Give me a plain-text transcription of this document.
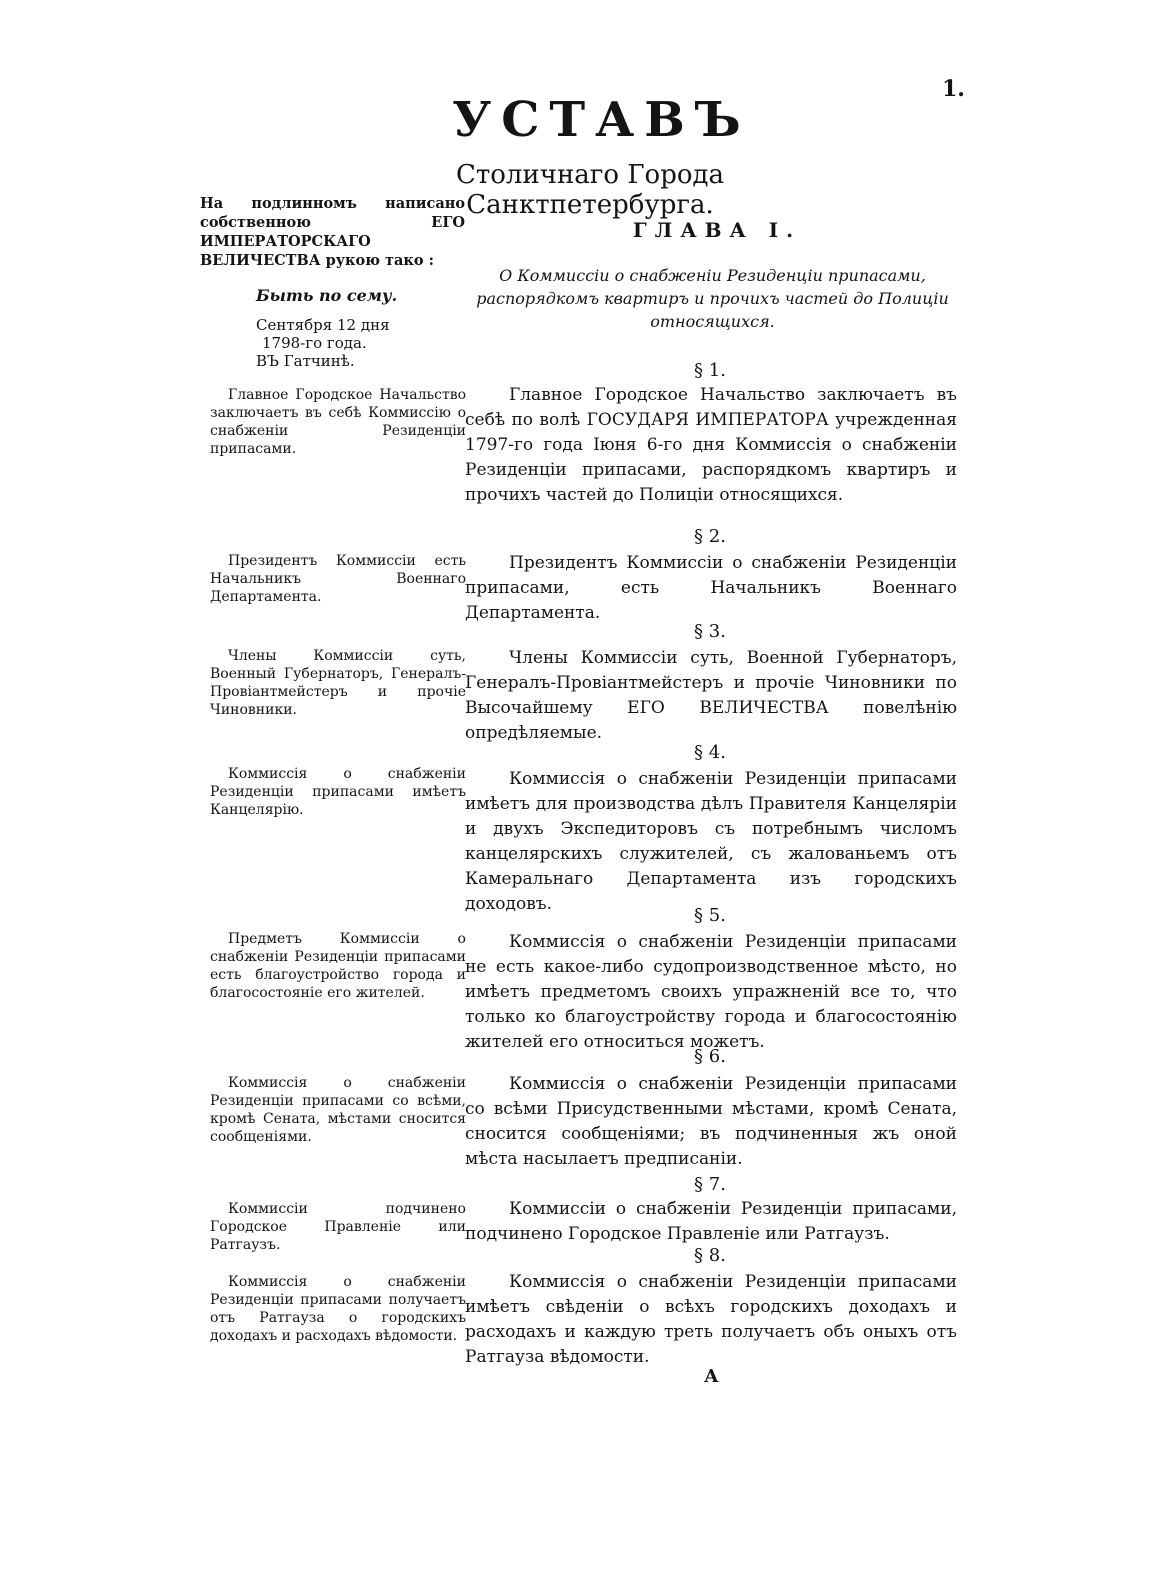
1.
УСТАВЪ
Столичнаго Города Санктпетербурга.
На подлинномъ написано собственною ЕГО ИМПЕРАТОРСКАГО ВЕЛИЧЕСТВА рукою тако :
Быть по сему.
Сентября 12 дня
1798-го года.
ВЪ Гатчинѣ.
ГЛАВА I.
О Коммиссіи о снабженіи Резиденціи припасами, распорядкомъ квартиръ и прочихъ частей до Полиціи относящихся.
§ 1.
Главное Городское Начальство заключаетъ въ себѣ по волѣ ГОСУДАРЯ ИМПЕРАТОРА учрежденная 1797-го года Іюня 6-го дня Коммиссія о снабженіи Резиденціи припасами, распорядкомъ квартиръ и прочихъ частей до Полиціи относящихся.
Главное Городское Начальство заключаетъ въ себѣ Коммиссію о снабженіи Резиденціи припасами.
§ 2.
Президентъ Коммиссіи о снабженіи Резиденціи припасами, есть Начальникъ Военнаго Департамента.
Президентъ Коммиссіи есть Начальникъ Военнаго Департамента.
§ 3.
Члены Коммиссіи суть, Военной Губернаторъ, Генералъ-Провіантмейстеръ и прочіе Чиновники по Высочайшему ЕГО ВЕЛИЧЕСТВА повелѣнію опредѣляемые.
Члены Коммиссіи суть, Военный Губернаторъ, Генералъ-Провіантмейстеръ и прочіе Чиновники.
§ 4.
Коммиссія о снабженіи Резиденціи припасами имѣетъ для производства дѣлъ Правителя Канцеляріи и двухъ Экспедиторовъ съ потребнымъ числомъ канцелярскихъ служителей, съ жалованьемъ отъ Камеральнаго Департамента изъ городскихъ доходовъ.
Коммиссія о снабженіи Резиденціи припасами имѣетъ Канцелярію.
§ 5.
Коммиссія о снабженіи Резиденціи припасами не есть какое-либо судопроизводственное мѣсто, но имѣетъ предметомъ своихъ упражненій все то, что только ко благоустройству города и благосостоянію жителей его относиться можетъ.
Предметъ Коммиссіи о снабженіи Резиденціи припасами есть благоустройство города и благосостояніе его жителей.
§ 6.
Коммиссія о снабженіи Резиденціи припасами со всѣми Присудственными мѣстами, кромѣ Сената, сносится сообщеніями; въ подчиненныя жъ оной мѣста насылаетъ предписаніи.
Коммиссія о снабженіи Резиденціи припасами со всѣми, кромѣ Сената, мѣстами сносится сообщеніями.
§ 7.
Коммиссіи о снабженіи Резиденціи припасами, подчинено Городское Правленіе или Ратгаузъ.
Коммиссіи подчинено Городское Правленіе или Ратгаузъ.	§ 8.
Коммиссія о снабженіи Резиденціи припасами имѣетъ свѣденіи о всѣхъ городскихъ доходахъ и расходахъ и каждую треть получаетъ объ оныхъ отъ Ратгауза вѣдомости.
Коммиссія о снабженіи Резиденціи припасами получаетъ отъ Ратгауза о городскихъ доходахъ и расходахъ вѣдомости.
А
